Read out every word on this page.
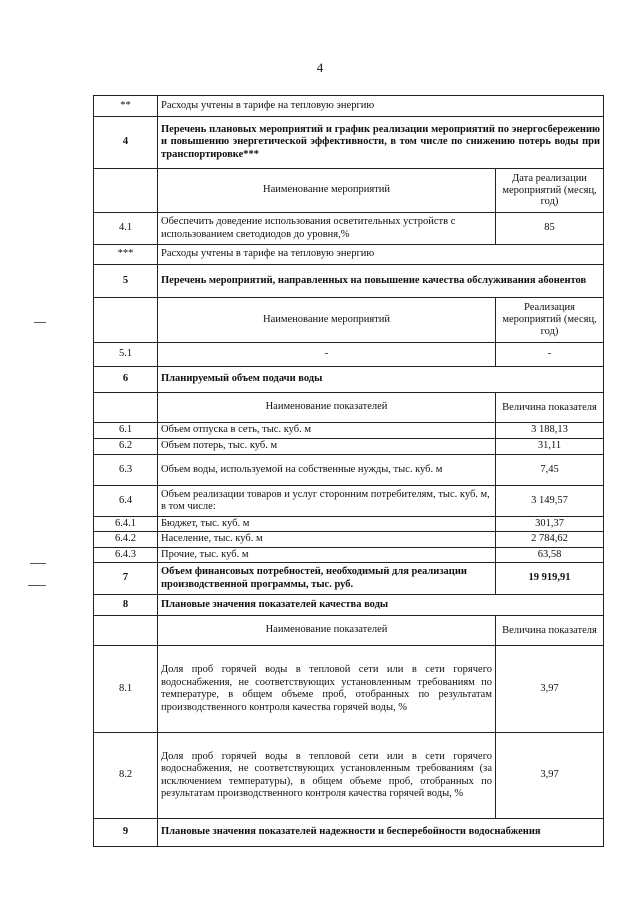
4
**	Расходы учтены в тарифе на тепловую энергию	
4	Перечень плановых мероприятий и график реализации мероприятий по энергосбережению и повышению энергетической эффективности, в том числе по снижению потерь воды при транспортировке***	
	Наименование мероприятий	Дата реализации мероприятий (месяц, год)
4.1	Обеспечить доведение использования осветительных устройств с использованием светодиодов до уровня,%	85
***	Расходы учтены в тарифе на тепловую энергию	
5	Перечень мероприятий, направленных на повышение качества обслуживания абонентов	
	Наименование мероприятий	Реализация мероприятий (месяц, год)
5.1	-	-
6	Планируемый объем подачи воды	
	Наименование показателей	Величина показателя
6.1	Объем отпуска в сеть, тыс. куб. м	3 188,13
6.2	Объем потерь, тыс. куб. м	31,11
6.3	Объем воды, используемой на собственные нужды, тыс. куб. м	7,45
6.4	Объем реализации товаров и услуг сторонним потребителям, тыс. куб. м, в том числе:	3 149,57
6.4.1	Бюджет, тыс. куб. м	301,37
6.4.2	Население, тыс. куб. м	2 784,62
6.4.3	Прочие, тыс. куб. м	63,58
7	Объем финансовых потребностей, необходимый для реализации производственной программы, тыс. руб.	19 919,91
8	Плановые значения показателей качества воды	
	Наименование показателей	Величина показателя
8.1	Доля проб горячей воды в тепловой сети или в сети горячего водоснабжения, не соответствующих установленным требованиям по температуре, в общем объеме проб, отобранных по результатам производственного контроля качества горячей воды, %	3,97
8.2	Доля проб горячей воды в тепловой сети или в сети горячего водоснабжения, не соответствующих установленным требованиям (за исключением температуры), в общем объеме проб, отобранных по результатам производственного контроля качества горячей воды, %	3,97
9	Плановые значения показателей надежности и бесперебойности водоснабжения	
